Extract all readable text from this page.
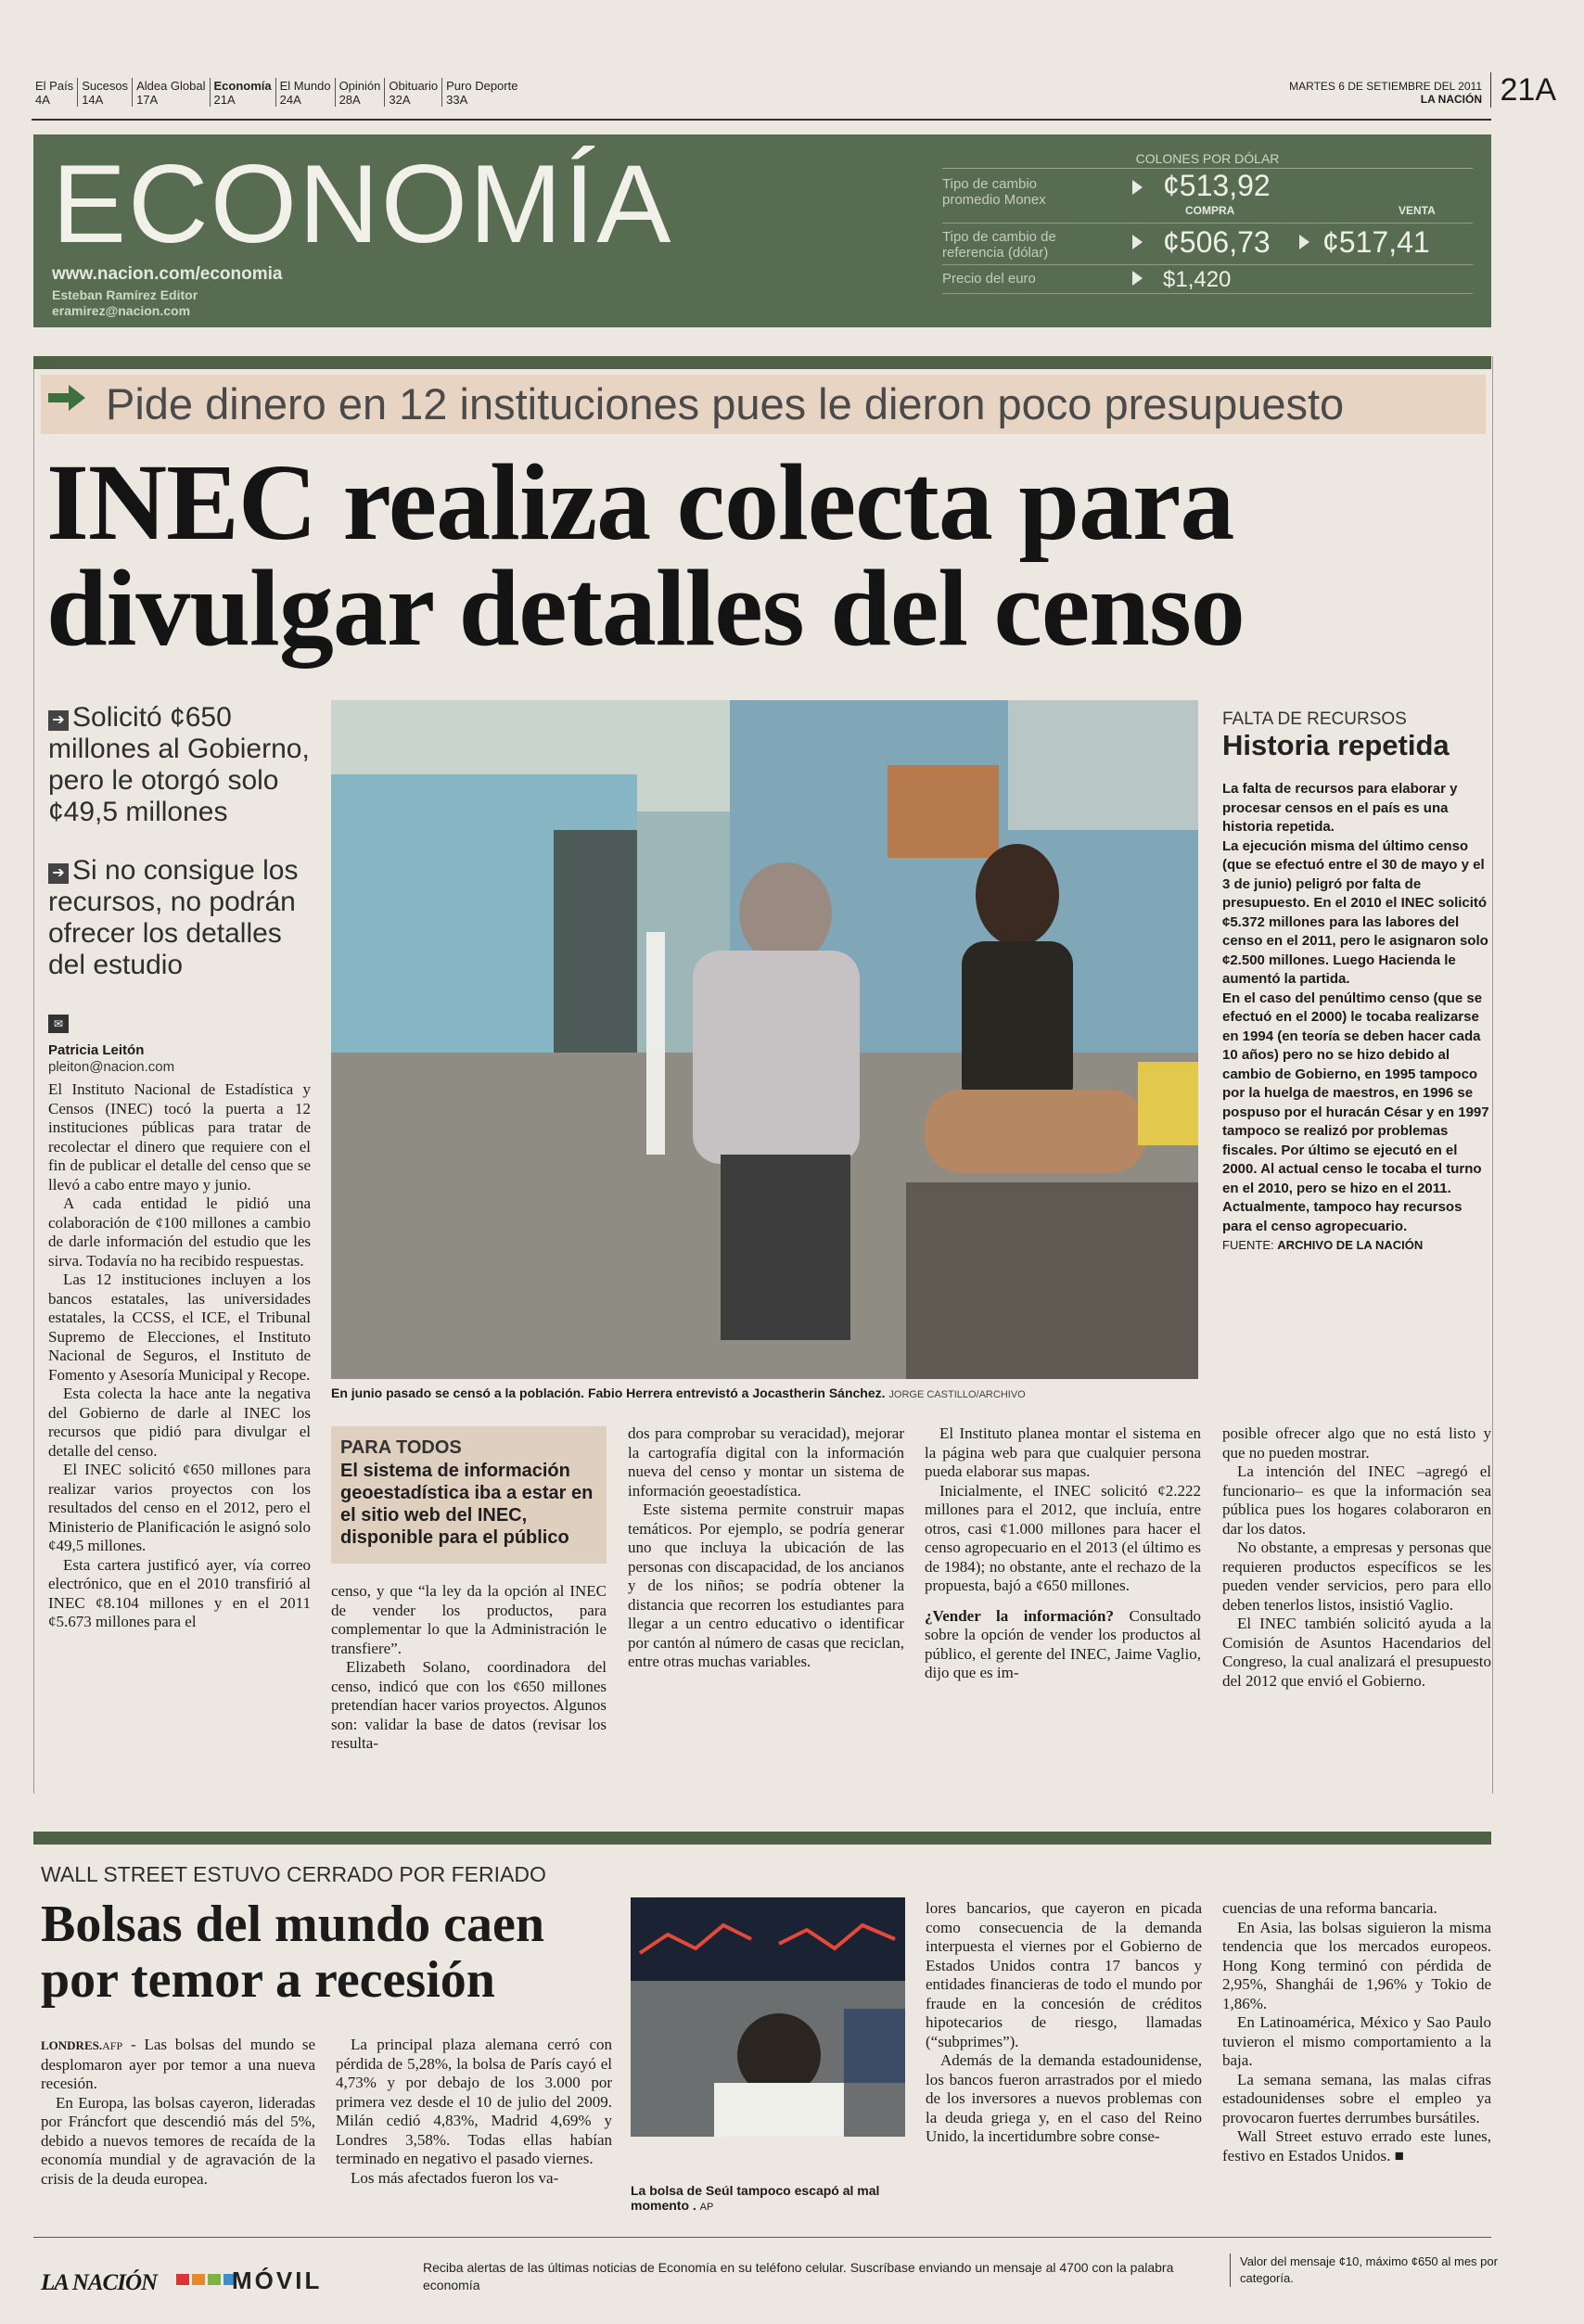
El País
4A
Sucesos
14A
Aldea Global
17A
Economía
21A
El Mundo
24A
Opinión
28A
Obituario
32A
Puro Deporte
33A
MARTES 6 DE SETIEMBRE DEL 2011
LA NACIÓN 21A
ECONOMÍA
www.nacion.com/economia
Esteban Ramírez Editor
eramirez@nacion.com
COLONES POR DÓLAR
Tipo de cambio promedio Monex	¢513,92
COMPRA	VENTA
Tipo de cambio de referencia (dólar)	¢506,73 ¢517,41
Precio del euro	$1,420
Pide dinero en 12 instituciones pues le dieron poco presupuesto
INEC realiza colecta para
divulgar detalles del censo
➔ Solicitó ¢650 millones al Gobierno, pero le otorgó solo ¢49,5 millones
➔ Si no consigue los recursos, no podrán ofrecer los detalles del estudio
✉
Patricia Leitón
pleiton@nacion.com

El Instituto Nacional de Estadística y Censos (INEC) tocó la puerta a 12 instituciones públicas para tratar de recolectar el dinero que requiere con el fin de publicar el detalle del censo que se llevó a cabo entre mayo y junio.

A cada entidad le pidió una colaboración de ¢100 millones a cambio de darle información del estudio que les sirva. Todavía no ha recibido respuestas.

Las 12 instituciones incluyen a los bancos estatales, las universidades estatales, la CCSS, el ICE, el Tribunal Supremo de Elecciones, el Instituto Nacional de Seguros, el Instituto de Fomento y Asesoría Municipal y Recope.

Esta colecta la hace ante la negativa del Gobierno de darle al INEC los recursos que pidió para divulgar el detalle del censo.

El INEC solicitó ¢650 millones para realizar varios proyectos con los resultados del censo en el 2012, pero el Ministerio de Planificación le asignó solo ¢49,5 millones.

Esta cartera justificó ayer, vía correo electrónico, que en el 2010 transfirió al INEC ¢8.104 millones y en el 2011 ¢5.673 millones para el

En junio pasado se censó a la población. Fabio Herrera entrevistó a Jocastherin Sánchez. JORGE CASTILLO/ARCHIVO
FALTA DE RECURSOS
Historia repetida
La falta de recursos para elaborar y procesar censos en el país es una historia repetida.
La ejecución misma del último censo (que se efectuó entre el 30 de mayo y el 3 de junio) peligró por falta de presupuesto. En el 2010 el INEC solicitó ¢5.372 millones para las labores del censo en el 2011, pero le asignaron solo ¢2.500 millones. Luego Hacienda le aumentó la partida.
En el caso del penúltimo censo (que se efectuó en el 2000) le tocaba realizarse en 1994 (en teoría se deben hacer cada 10 años) pero no se hizo debido al cambio de Gobierno, en 1995 tampoco por la huelga de maestros, en 1996 se pospuso por el huracán César y en 1997 tampoco se realizó por problemas fiscales. Por último se ejecutó en el 2000. Al actual censo le tocaba el turno en el 2010, pero se hizo en el 2011. Actualmente, tampoco hay recursos para el censo agropecuario.
FUENTE: ARCHIVO DE LA NACIÓN
PARA TODOS
El sistema de información geoestadística iba a estar en el sitio web del INEC, disponible para el público

censo, y que “la ley da la opción al INEC de vender los productos, para complementar lo que la Administración le transfiere”.

Elizabeth Solano, coordinadora del censo, indicó que con los ¢650 millones pretendían hacer varios proyectos. Algunos son: validar la base de datos (revisar los resulta-

dos para comprobar su veracidad), mejorar la cartografía digital con la información nueva del censo y montar un sistema de información geoestadística.

Este sistema permite construir mapas temáticos. Por ejemplo, se podría generar uno que incluya la ubicación de las personas con discapacidad, de los ancianos y de los niños; se podría obtener la distancia que recorren los estudiantes para llegar a un centro educativo o identificar por cantón al número de casas que reciclan, entre otras muchas variables.

El Instituto planea montar el sistema en la página web para que cualquier persona pueda elaborar sus mapas.

Inicialmente, el INEC solicitó ¢2.222 millones para el 2012, que incluía, entre otros, casi ¢1.000 millones para hacer el censo agropecuario en el 2013 (el último es de 1984); no obstante, ante el rechazo de la propuesta, bajó a ¢650 millones.

¿Vender la información? Consultado sobre la opción de vender los productos al público, el gerente del INEC, Jaime Vaglio, dijo que es im-

posible ofrecer algo que no está listo y que no pueden mostrar.

La intención del INEC –agregó el funcionario– es que la información sea pública pues los hogares colaboraron en dar los datos.

No obstante, a empresas y personas que requieren productos específicos se les pueden vender servicios, pero para ello deben tenerlos listos, insistió Vaglio.

El INEC también solicitó ayuda a la Comisión de Asuntos Hacendarios del Congreso, la cual analizará el presupuesto del 2012 que envió el Gobierno.

WALL STREET ESTUVO CERRADO POR FERIADO
Bolsas del mundo caen por temor a recesión

LONDRES.AFP - Las bolsas del mundo se desplomaron ayer por temor a una nueva recesión.

En Europa, las bolsas cayeron, lideradas por Fráncfort que descendió más del 5%, debido a nuevos temores de recaída de la economía mundial y de agravación de la crisis de la deuda europea.

La principal plaza alemana cerró con pérdida de 5,28%, la bolsa de París cayó el 4,73% y por debajo de los 3.000 por primera vez desde el 10 de julio del 2009. Milán cedió 4,83%, Madrid 4,69% y Londres 3,58%. Todas ellas habían terminado en negativo el pasado viernes.

Los más afectados fueron los va-

La bolsa de Seúl tampoco escapó al mal momento . AP

lores bancarios, que cayeron en picada como consecuencia de la demanda interpuesta el viernes por el Gobierno de Estados Unidos contra 17 bancos y entidades financieras de todo el mundo por fraude en la concesión de créditos hipotecarios de riesgo, llamadas (“subprimes”).

Además de la demanda estadounidense, los bancos fueron arrastrados por el miedo de los inversores a nuevos problemas con la deuda griega y, en el caso del Reino Unido, la incertidumbre sobre conse-

cuencias de una reforma bancaria.

En Asia, las bolsas siguieron la misma tendencia que los mercados europeos. Hong Kong terminó con pérdida de 2,95%, Shanghái de 1,96% y Tokio de 1,86%.

En Latinoamérica, México y Sao Paulo tuvieron el mismo comportamiento a la baja.

La semana semana, las malas cifras estadounidenses sobre el empleo ya provocaron fuertes derrumbes bursátiles.

Wall Street estuvo errado este lunes, festivo en Estados Unidos. ■

LA NACIÓN	MÓVIL	Reciba alertas de las últimas noticias de Economía en su teléfono celular. Suscríbase enviando un mensaje al 4700 con la palabra economía
Valor del mensaje ¢10, máximo ¢650 al mes por categoría.
